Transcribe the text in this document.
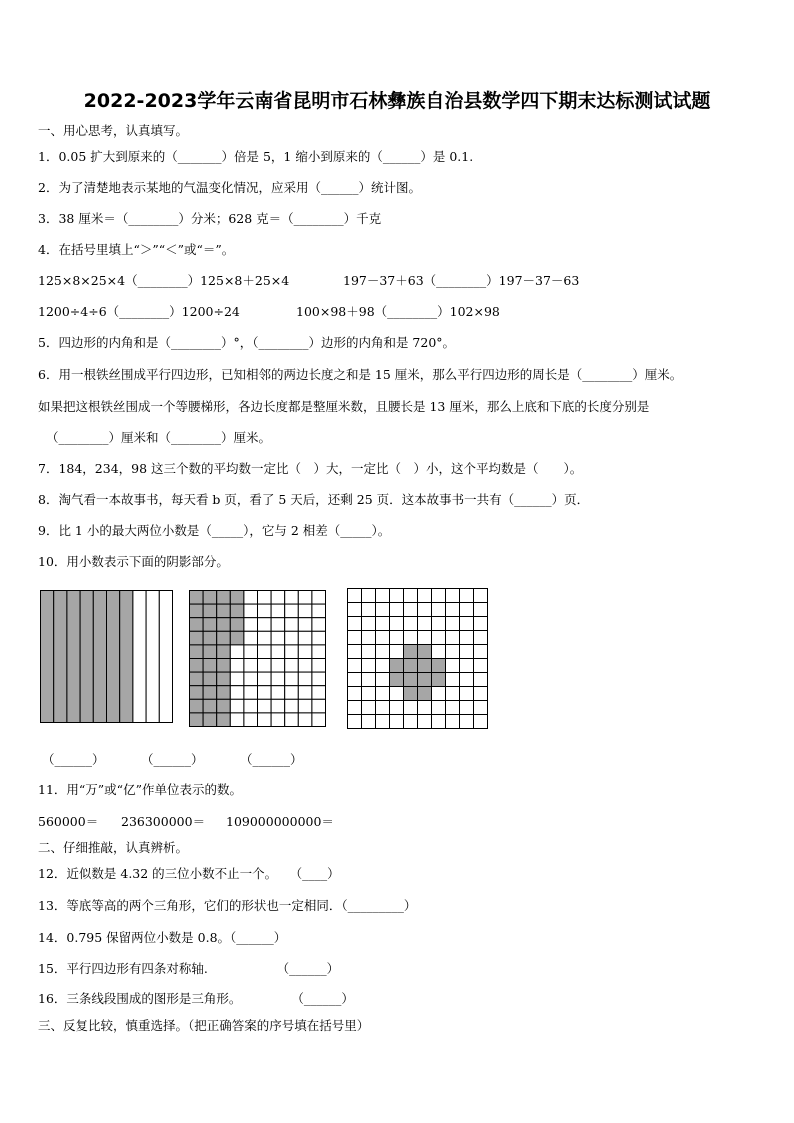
2022-2023学年云南省昆明市石林彝族自治县数学四下期末达标测试试题
一、用心思考，认真填写。
1．0.05 扩大到原来的（_______）倍是 5，1 缩小到原来的（______）是 0.1.
2．为了清楚地表示某地的气温变化情况，应采用（______）统计图。
3．38 厘米＝（________）分米；628 克＝（________）千克
4．在括号里填上“＞”“＜”或“＝”。
125×8×25×4（________）125×8＋25×4	197－37＋63（________）197－37－63
1200÷4÷6（________）1200÷24	100×98＋98（________）102×98
5．四边形的内角和是（________）°，（________）边形的内角和是 720°。
6．用一根铁丝围成平行四边形，已知相邻的两边长度之和是 15 厘米，那么平行四边形的周长是（________）厘米。
如果把这根铁丝围成一个等腰梯形，各边长度都是整厘米数，且腰长是 13 厘米，那么上底和下底的长度分别是
（________）厘米和（________）厘米。
7．184，234，98 这三个数的平均数一定比（　）大，一定比（　）小，这个平均数是（　　）。
8．淘气看一本故事书，每天看 b 页，看了 5 天后，还剩 25 页．这本故事书一共有（______）页．
9．比 1 小的最大两位小数是（_____），它与 2 相差（_____）。
10．用小数表示下面的阴影部分。
（______）	（______）	（______）
11．用“万”或“亿”作单位表示的数。
560000＝ 236300000＝ 109000000000＝
二、仔细推敲，认真辨析。
12．近似数是 4.32 的三位小数不止一个。　　（____）
13．等底等高的两个三角形，它们的形状也一定相同．（_________）
14．0.795 保留两位小数是 0.8。（______）
15．平行四边形有四条对称轴.　　　　　　（______）
16．三条线段围成的图形是三角形。　　　　　（______）
三、反复比较，慎重选择。（把正确答案的序号填在括号里）
